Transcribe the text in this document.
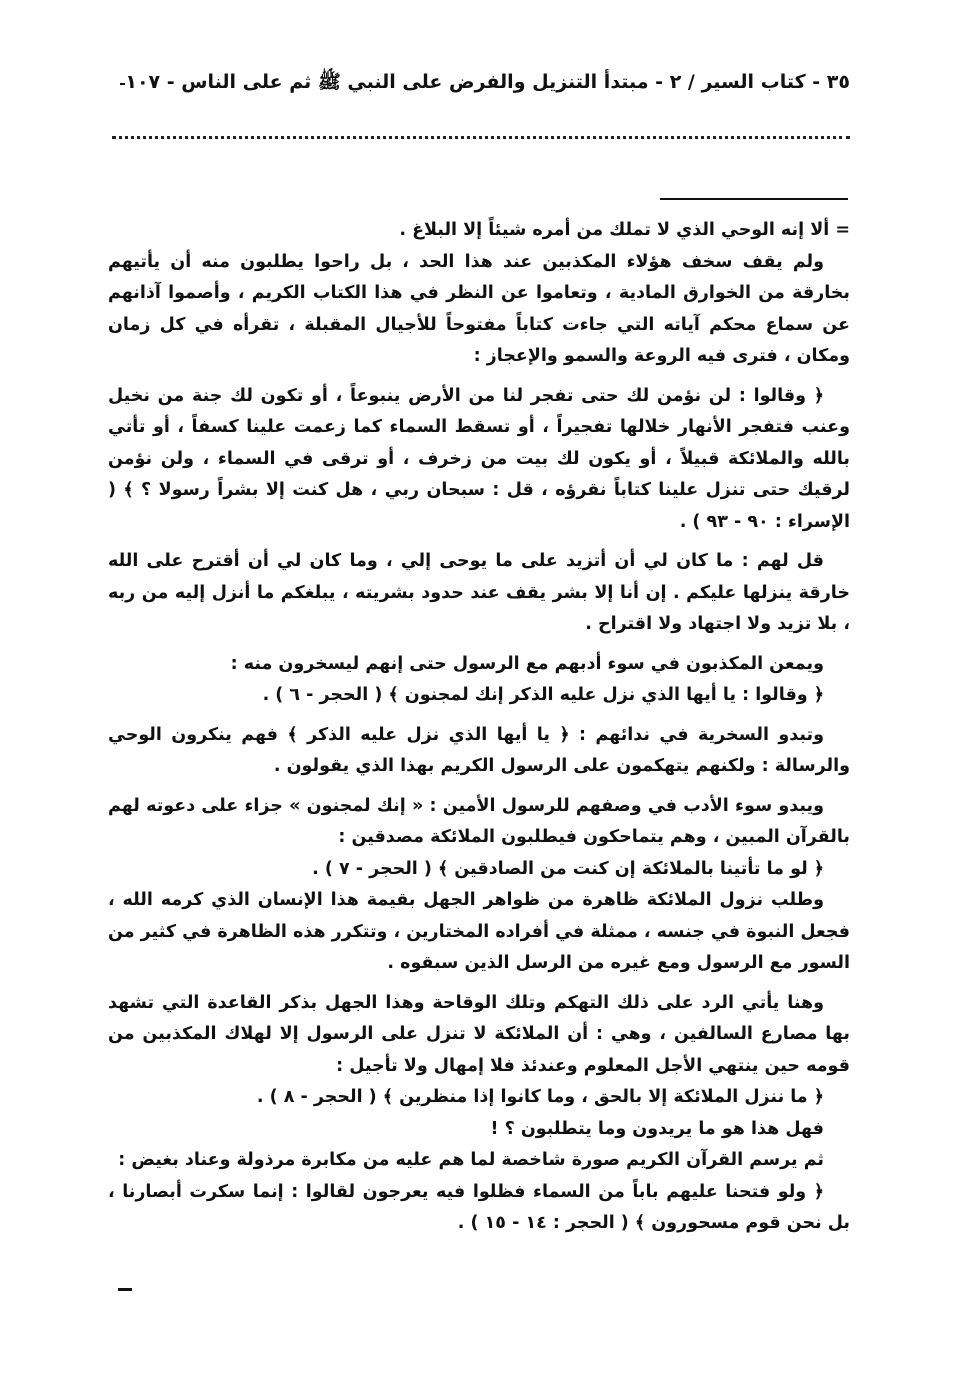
٣٥ - كتاب السير / ٢ - مبتدأ التنزيل والفرض على النبي ﷺ ثم على الناس - ١٠٧

= ألا إنه الوحي الذي لا تملك من أمره شيئاً إلا البلاغ .

ولم يقف سخف هؤلاء المكذبين عند هذا الحد ، بل راحوا يطلبون منه أن يأتيهم بخارقة من الخوارق المادية ، وتعاموا عن النظر في هذا الكتاب الكريم ، وأصموا آذانهم عن سماع محكم آياته التي جاءت كتاباً مفتوحاً للأجيال المقبلة ، تقرأه في كل زمان ومكان ، فترى فيه الروعة والسمو والإعجاز :

﴿ وقالوا : لن نؤمن لك حتى تفجر لنا من الأرض ينبوعاً ، أو تكون لك جنة من نخيل وعنب فتفجر الأنهار خلالها تفجيراً ، أو تسقط السماء كما زعمت علينا كسفاً ، أو تأتي بالله والملائكة قبيلاً ، أو يكون لك بيت من زخرف ، أو ترقى في السماء ، ولن نؤمن لرقيك حتى تنزل علينا كتاباً نقرؤه ، قل : سبحان ربي ، هل كنت إلا بشراً رسولا ؟ ﴾ ( الإسراء : ٩٠ - ٩٣ ) .

قل لهم : ما كان لي أن أتزيد على ما يوحى إلي ، وما كان لي أن أقترح على الله خارقة ينزلها عليكم . إن أنا إلا بشر يقف عند حدود بشريته ، يبلغكم ما أنزل إليه من ربه ، بلا تزيد ولا اجتهاد ولا اقتراح .

ويمعن المكذبون في سوء أدبهم مع الرسول حتى إنهم ليسخرون منه :

﴿ وقالوا : يا أيها الذي نزل عليه الذكر إنك لمجنون ﴾ ( الحجر - ٦ ) .

وتبدو السخرية في ندائهم : ﴿ يا أيها الذي نزل عليه الذكر ﴾ فهم ينكرون الوحي والرسالة : ولكنهم يتهكمون على الرسول الكريم بهذا الذي يقولون .

ويبدو سوء الأدب في وصفهم للرسول الأمين : « إنك لمجنون » جزاء على دعوته لهم بالقرآن المبين ، وهم يتماحكون فيطلبون الملائكة مصدقين :

﴿ لو ما تأتينا بالملائكة إن كنت من الصادقين ﴾ ( الحجر - ٧ ) .

وطلب نزول الملائكة ظاهرة من ظواهر الجهل بقيمة هذا الإنسان الذي كرمه الله ، فجعل النبوة في جنسه ، ممثلة في أفراده المختارين ، وتتكرر هذه الظاهرة في كثير من السور مع الرسول ومع غيره من الرسل الذين سبقوه .

وهنا يأتي الرد على ذلك التهكم وتلك الوقاحة وهذا الجهل بذكر القاعدة التي تشهد بها مصارع السالفين ، وهي : أن الملائكة لا تنزل على الرسول إلا لهلاك المكذبين من قومه حين ينتهي الأجل المعلوم وعندئذ فلا إمهال ولا تأجيل :

﴿ ما ننزل الملائكة إلا بالحق ، وما كانوا إذا منظرين ﴾ ( الحجر - ٨ ) .

فهل هذا هو ما يريدون وما يتطلبون ؟ !

ثم يرسم القرآن الكريم صورة شاخصة لما هم عليه من مكابرة مرذولة وعناد بغيض :

﴿ ولو فتحنا عليهم باباً من السماء فظلوا فيه يعرجون لقالوا : إنما سكرت أبصارنا ، بل نحن قوم مسحورون ﴾ ( الحجر : ١٤ - ١٥ ) .
